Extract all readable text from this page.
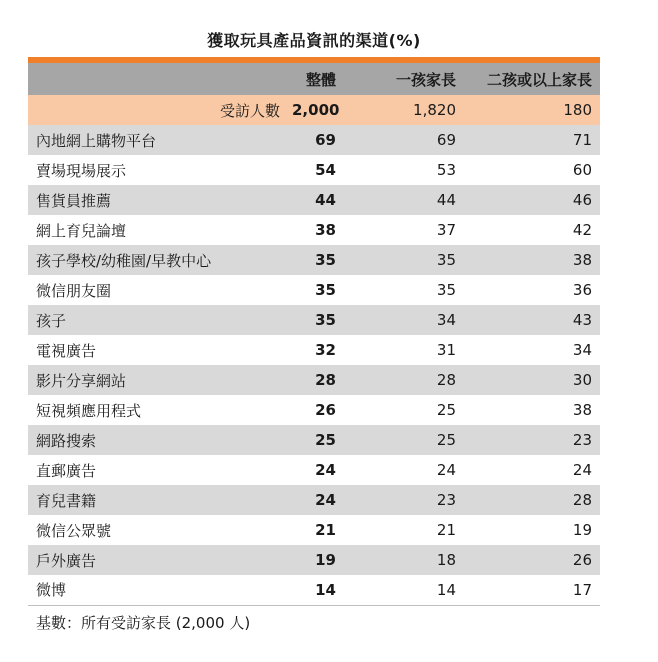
獲取玩具產品資訊的渠道(%)
	整體	一孩家長	二孩或以上家長
受訪人數	2,000	1,820	180
內地網上購物平台	69	69	71
賣場現場展示	54	53	60
售貨員推薦	44	44	46
網上育兒論壇	38	37	42
孩子學校/幼稚園/早教中心	35	35	38
微信朋友圈	35	35	36
孩子	35	34	43
電視廣告	32	31	34
影片分享網站	28	28	30
短視頻應用程式	26	25	38
網路搜索	25	25	23
直郵廣告	24	24	24
育兒書籍	24	23	28
微信公眾號	21	21	19
戶外廣告	19	18	26
微博	14	14	17
基數：所有受訪家長 (2,000 人)
